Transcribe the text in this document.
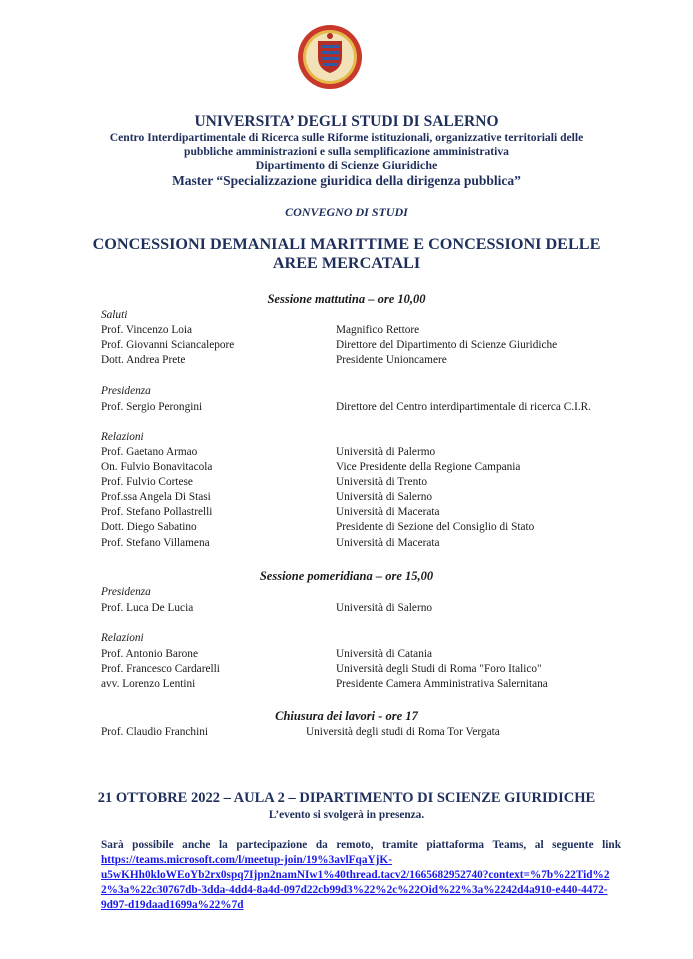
UNIVERSITA’ DEGLI STUDI DI SALERNO
Centro Interdipartimentale di Ricerca sulle Riforme istituzionali, organizzative territoriali delle
pubbliche amministrazioni e sulla semplificazione amministrativa
Dipartimento di Scienze Giuridiche
Master “Specializzazione giuridica della dirigenza pubblica”
CONVEGNO DI STUDI
CONCESSIONI DEMANIALI MARITTIME E CONCESSIONI DELLE
AREE MERCATALI
Sessione mattutina – ore 10,00
Saluti
Prof. Vincenzo Loia	Magnifico Rettore
Prof. Giovanni Sciancalepore	Direttore del Dipartimento di Scienze Giuridiche
Dott. Andrea Prete	Presidente Unioncamere
Presidenza
Prof. Sergio Perongini	Direttore del Centro interdipartimentale di ricerca C.I.R.
Relazioni
Prof. Gaetano Armao	Università di Palermo
On. Fulvio Bonavitacola	Vice Presidente della Regione Campania
Prof. Fulvio Cortese	Università di Trento
Prof.ssa Angela Di Stasi	Università di Salerno
Prof. Stefano Pollastrelli	Università di Macerata
Dott. Diego Sabatino	Presidente di Sezione del Consiglio di Stato
Prof. Stefano Villamena	Università di Macerata
Sessione pomeridiana – ore 15,00
Presidenza
Prof. Luca De Lucia	Università di Salerno
Relazioni
Prof. Antonio Barone	Università di Catania
Prof. Francesco Cardarelli	Università degli Studi di Roma "Foro Italico"
avv. Lorenzo Lentini	Presidente Camera Amministrativa Salernitana
Chiusura dei lavori - ore 17
Prof. Claudio Franchini	Università degli studi di Roma Tor Vergata
21 OTTOBRE 2022 – AULA 2 – DIPARTIMENTO DI SCIENZE GIURIDICHE
L’evento si svolgerà in presenza.
Sarà possibile anche la partecipazione da remoto, tramite piattaforma Teams, al seguente link
https://teams.microsoft.com/l/meetup-join/19%3avlFqaYjK-
u5wKHh0kloWEoYb2rx0spq7Ijpn2namNIw1%40thread.tacv2/1665682952740?context=%7b%22Tid%2
2%3a%22c30767db-3dda-4dd4-8a4d-097d22cb99d3%22%2c%22Oid%22%3a%2242d4a910-e440-4472-
9d97-d19daad1699a%22%7d
